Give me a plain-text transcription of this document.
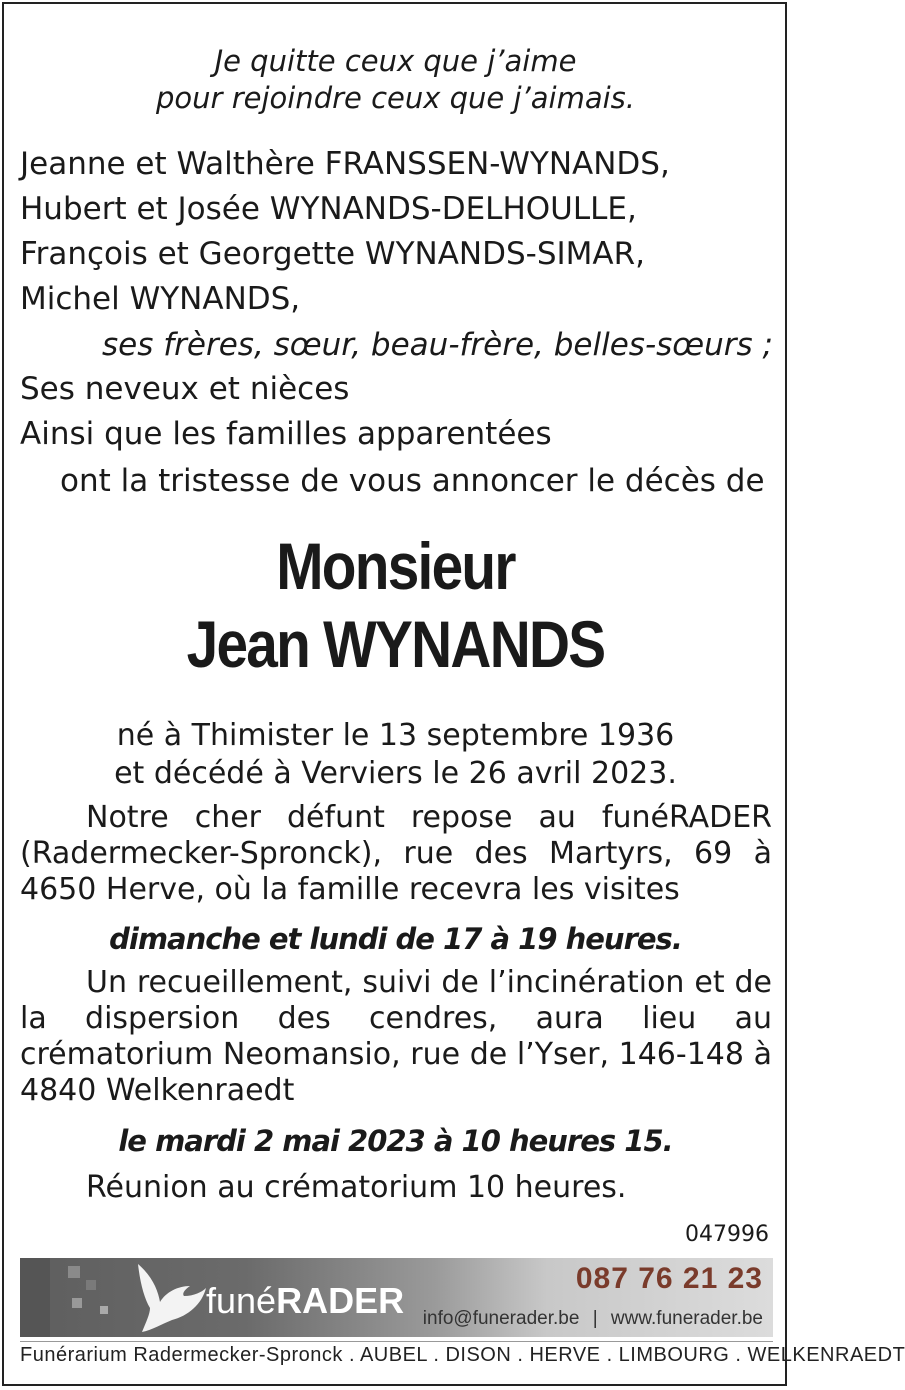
Je quitte ceux que j’aime
pour rejoindre ceux que j’aimais.
Jeanne et Walthère FRANSSEN-WYNANDS,
Hubert et Josée WYNANDS-DELHOULLE,
François et Georgette WYNANDS-SIMAR,
Michel WYNANDS,
ses frères, sœur, beau-frère, belles-sœurs ;
Ses neveux et nièces
Ainsi que les familles apparentées
ont la tristesse de vous annoncer le décès de
Monsieur
Jean WYNANDS
né à Thimister le 13 septembre 1936
et décédé à Verviers le 26 avril 2023.

Notre cher défunt repose au funéRADER (Radermecker-Spronck), rue des Martyrs, 69 à 4650 Herve, où la famille recevra les visites

dimanche et lundi de 17 à 19 heures.

Un recueillement, suivi de l’incinération et de la dispersion des cendres, aura lieu au crématorium Neomansio, rue de l’Yser, 146-148 à 4840 Welkenraedt

le mardi 2 mai 2023 à 10 heures 15.
Réunion au crématorium 10 heures.
047996
funéRADER
087 76 21 23
info@funerader.be | www.funerader.be
Funérarium Radermecker-Spronck . AUBEL . DISON . HERVE . LIMBOURG . WELKENRAEDT
